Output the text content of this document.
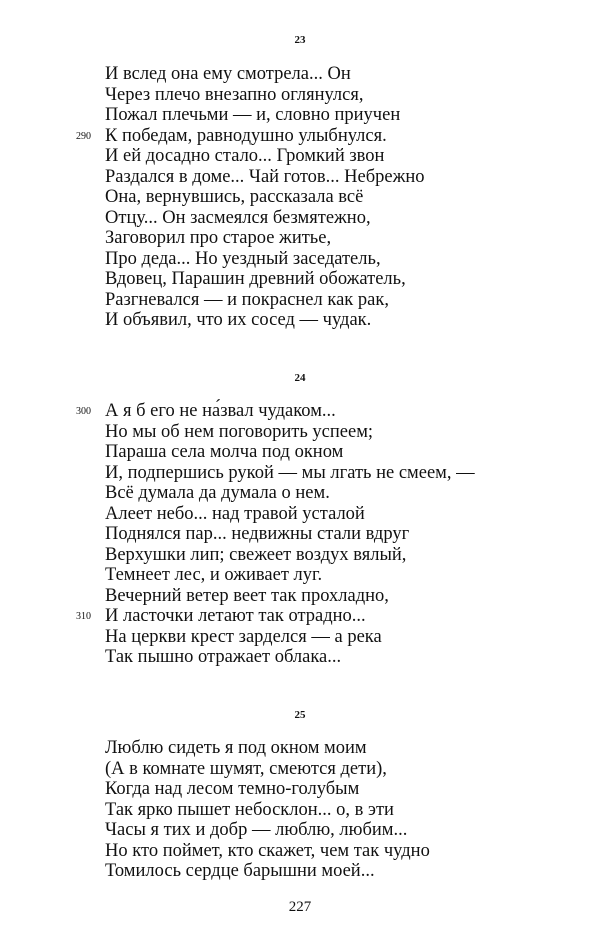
23
И вслед она ему смотрела... Он
Через плечо внезапно оглянулся,
Пожал плечьми — и, словно приучен
290 К победам, равнодушно улыбнулся.
И ей досадно стало... Громкий звон
Раздался в доме... Чай готов... Небрежно
Она, вернувшись, рассказала всё
Отцу... Он засмеялся безмятежно,
Заговорил про старое житье,
Про деда... Но уездный заседатель,
Вдовец, Парашин древний обожатель,
Разгневался — и покраснел как рак,
И объявил, что их сосед — чудак.
24
300 А я б его не на́звал чудаком...
Но мы об нем поговорить успеем;
Параша села молча под окном
И, подпершись рукой — мы лгать не смеем, —
Всё думала да думала о нем.
Алеет небо... над травой усталой
Поднялся пар... недвижны стали вдруг
Верхушки лип; свежеет воздух вялый,
Темнеет лес, и оживает луг.
Вечерний ветер веет так прохладно,
310 И ласточки летают так отрадно...
На церкви крест зарделся — а река
Так пышно отражает облака...
25
Люблю сидеть я под окном моим
(А в комнате шумят, смеются дети),
Когда над лесом темно-голубым
Так ярко пышет небосклон... о, в эти
Часы я тих и добр — люблю, любим...
Но кто поймет, кто скажет, чем так чудно
Томилось сердце барышни моей...
227
